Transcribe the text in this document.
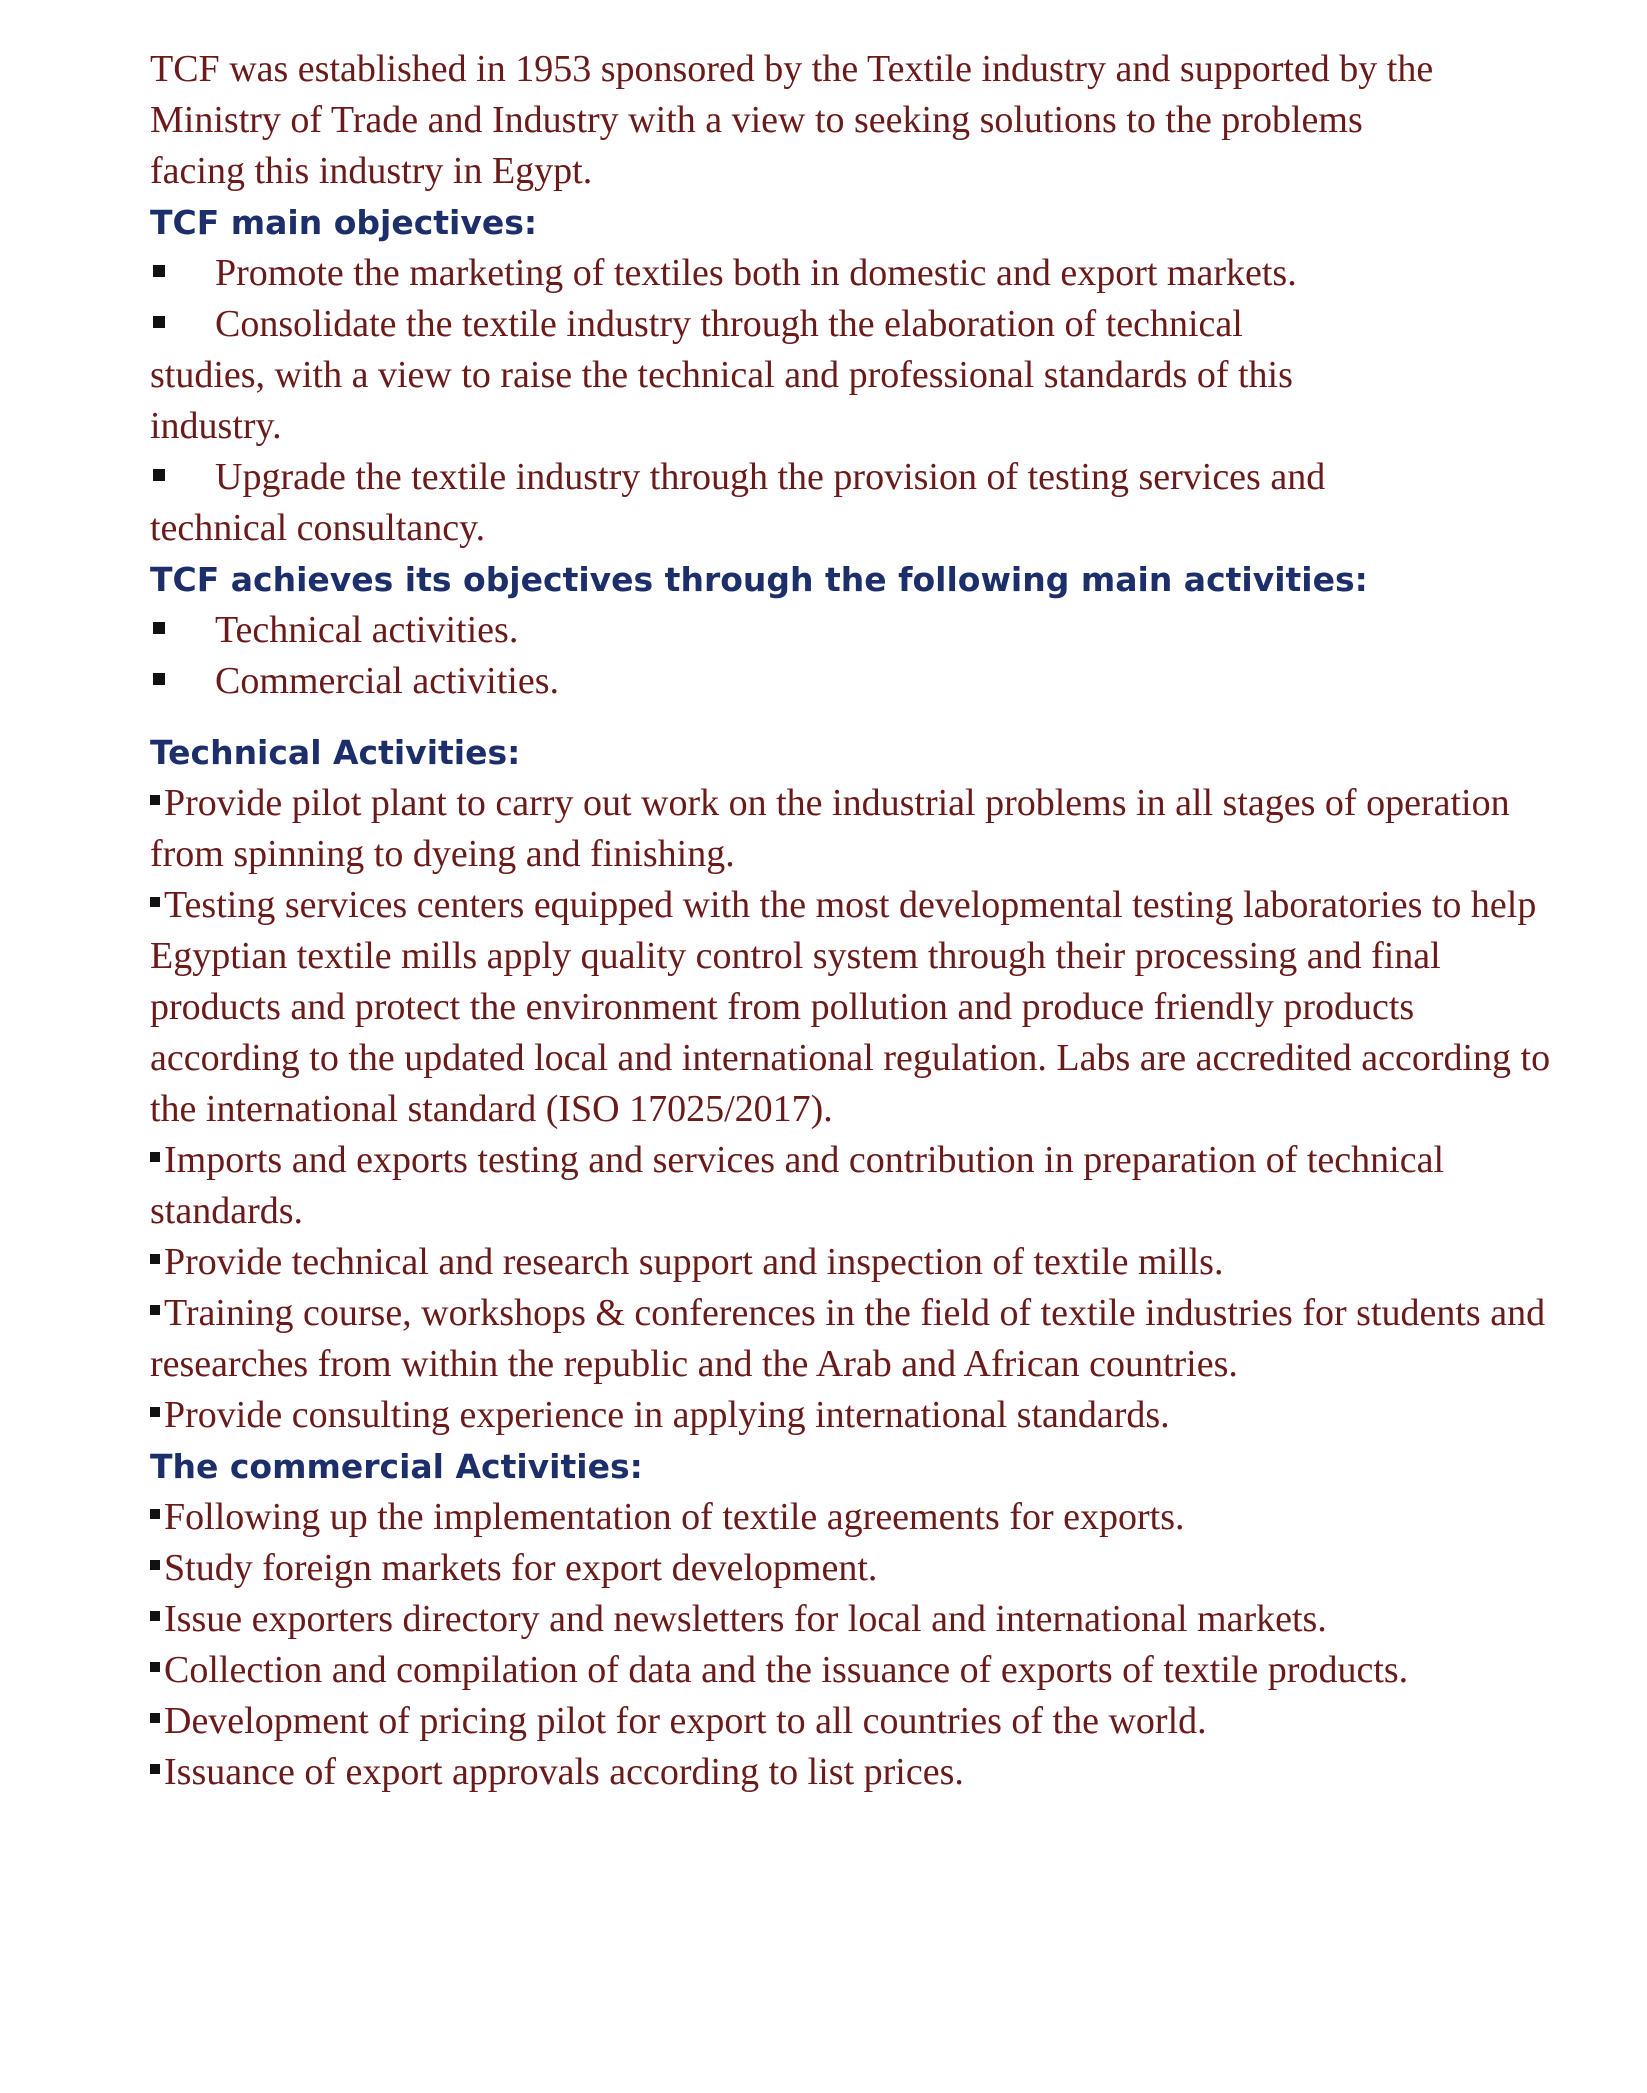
TCF was established in 1953 sponsored by the Textile industry and supported by the Ministry of Trade and Industry with a view to seeking solutions to the problems facing this industry in Egypt.

TCF main objectives:
Promote the marketing of textiles both in domestic and export markets.
Consolidate the textile industry through the elaboration of technical studies, with a view to raise the technical and professional standards of this industry.
Upgrade the textile industry through the provision of testing services and technical consultancy.
TCF achieves its objectives through the following main activities:
Technical activities.
Commercial activities.
Technical Activities:
Provide pilot plant to carry out work on the industrial problems in all stages of operation from spinning to dyeing and finishing.
Testing services centers equipped with the most developmental testing laboratories to help Egyptian textile mills apply quality control system through their processing and final products and protect the environment from pollution and produce friendly products according to the updated local and international regulation. Labs are accredited according to the international standard (ISO 17025/2017).
Imports and exports testing and services and contribution in preparation of technical standards.
Provide technical and research support and inspection of textile mills.
Training course, workshops & conferences in the field of textile industries for students and researches from within the republic and the Arab and African countries.
Provide consulting experience in applying international standards.
The commercial Activities:
Following up the implementation of textile agreements for exports.
Study foreign markets for export development.
Issue exporters directory and newsletters for local and international markets.
Collection and compilation of data and the issuance of exports of textile products.
Development of pricing pilot for export to all countries of the world.
Issuance of export approvals according to list prices.
